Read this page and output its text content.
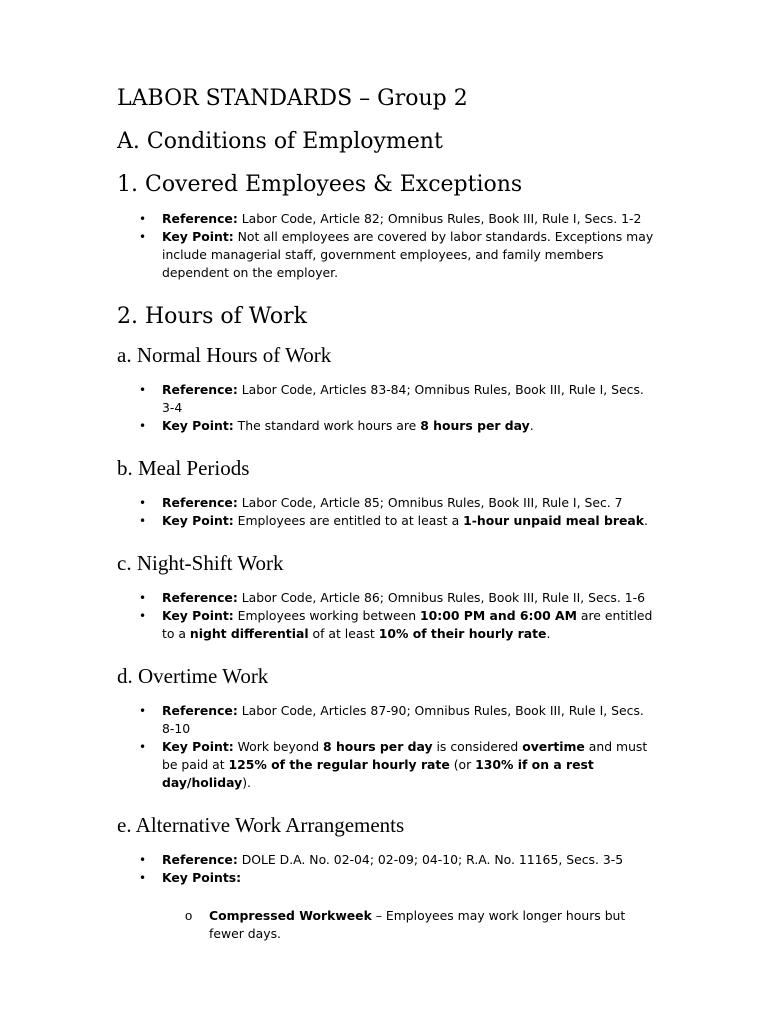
LABOR STANDARDS – Group 2
A. Conditions of Employment
1. Covered Employees & Exceptions
• Reference: Labor Code, Article 82; Omnibus Rules, Book III, Rule I, Secs. 1-2
• Key Point: Not all employees are covered by labor standards. Exceptions may include managerial staff, government employees, and family members dependent on the employer.
2. Hours of Work
a. Normal Hours of Work
• Reference: Labor Code, Articles 83-84; Omnibus Rules, Book III, Rule I, Secs. 3-4
• Key Point: The standard work hours are 8 hours per day.
b. Meal Periods
• Reference: Labor Code, Article 85; Omnibus Rules, Book III, Rule I, Sec. 7
• Key Point: Employees are entitled to at least a 1-hour unpaid meal break.
c. Night-Shift Work
• Reference: Labor Code, Article 86; Omnibus Rules, Book III, Rule II, Secs. 1-6
• Key Point: Employees working between 10:00 PM and 6:00 AM are entitled to a night differential of at least 10% of their hourly rate.
d. Overtime Work
• Reference: Labor Code, Articles 87-90; Omnibus Rules, Book III, Rule I, Secs. 8-10
• Key Point: Work beyond 8 hours per day is considered overtime and must be paid at 125% of the regular hourly rate (or 130% if on a rest day/holiday).
e. Alternative Work Arrangements
• Reference: DOLE D.A. No. 02-04; 02-09; 04-10; R.A. No. 11165, Secs. 3-5
• Key Points:
o Compressed Workweek – Employees may work longer hours but fewer days.
